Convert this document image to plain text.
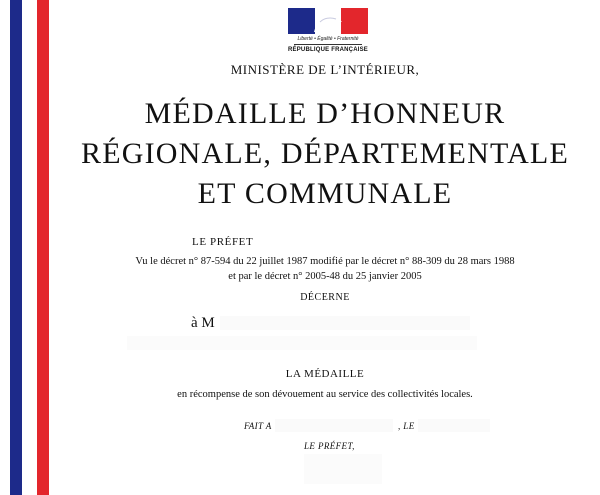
Liberté • Égalité • Fraternité
RÉPUBLIQUE FRANÇAISE
MINISTÈRE DE L’INTÉRIEUR,
MÉDAILLE D’HONNEUR
RÉGIONALE, DÉPARTEMENTALE
ET COMMUNALE
LE PRÉFET
Vu le décret n° 87-594 du 22 juillet 1987 modifié par le décret n° 88-309 du 28 mars 1988
et par le décret n° 2005-48 du 25 janvier 2005
DÉCERNE
à M
LA MÉDAILLE
en récompense de son dévouement au service des collectivités locales.
FAIT A	, LE
LE PRÉFET,
